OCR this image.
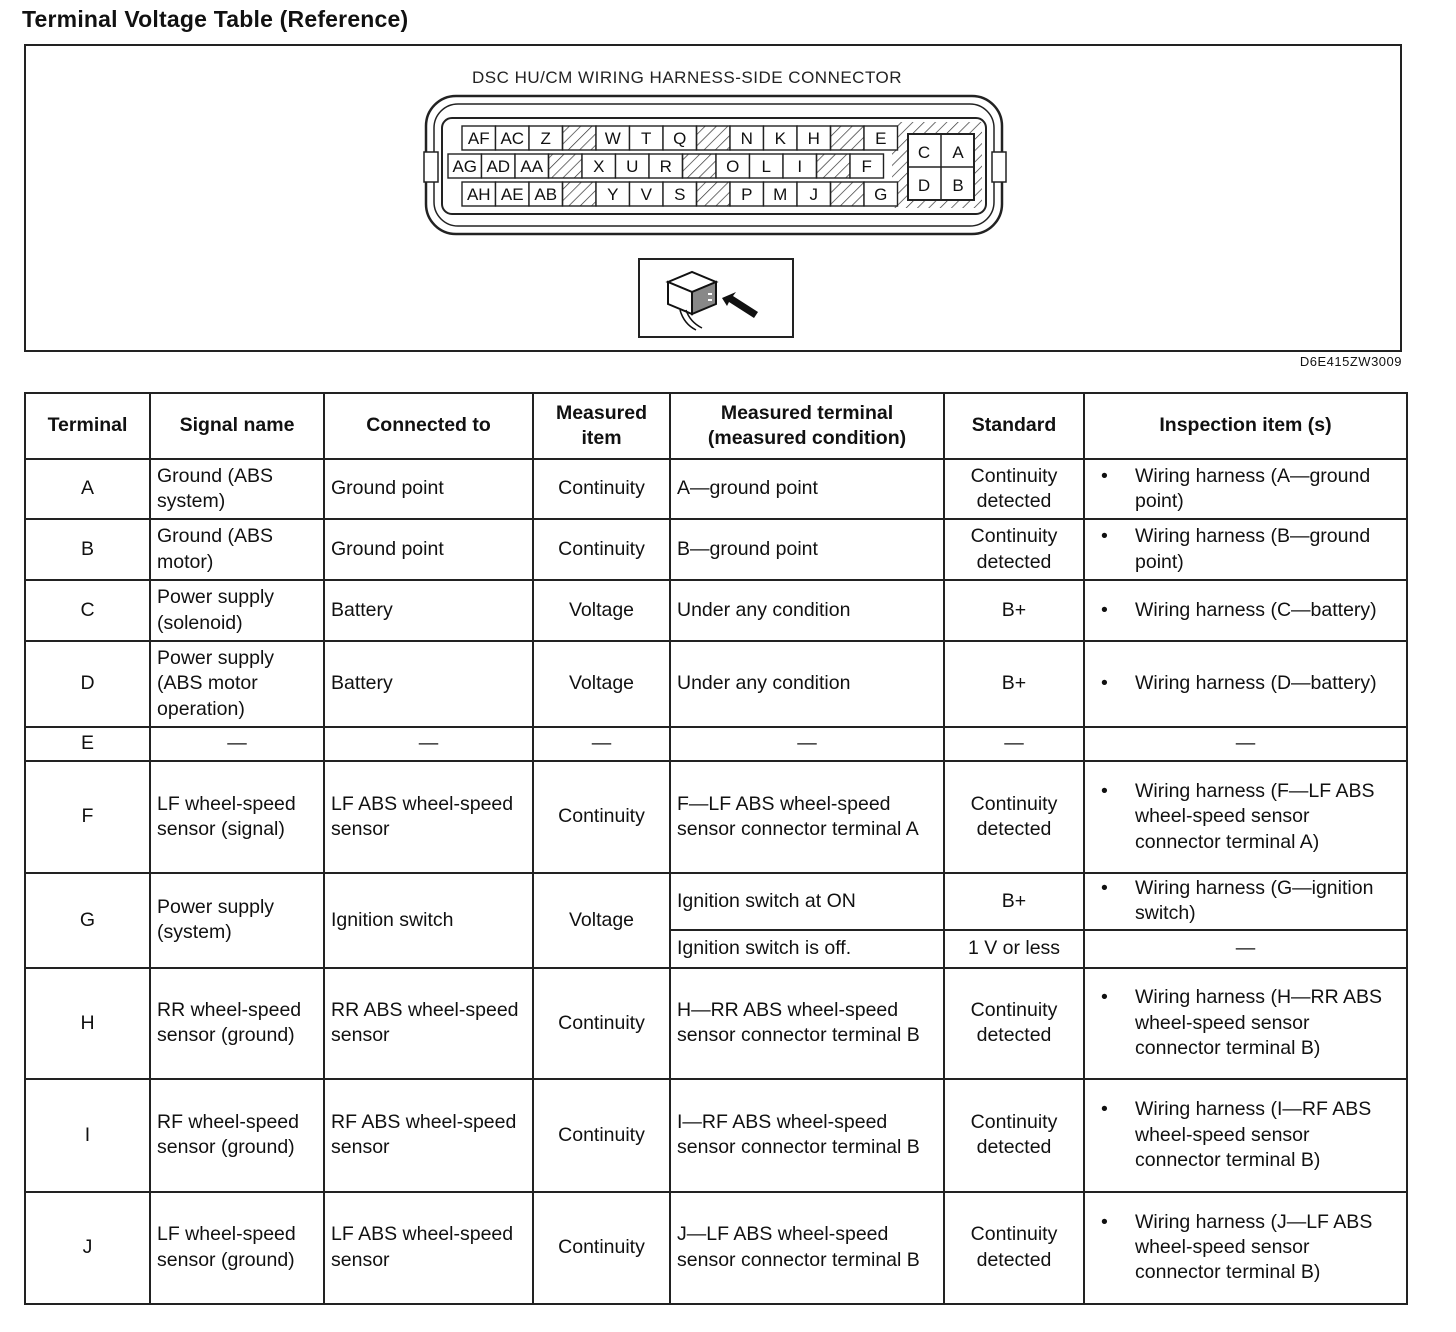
Terminal Voltage Table (Reference)
DSC HU/CM WIRING HARNESS-SIDE CONNECTOR
AF AC Z	W T Q	N K H	E
AG AD AA	X U R	O L I	F
AH AE AB	Y V S	P M J	G
C A
D B
D6E415ZW3009
Terminal	Signal name	Connected to	Measured item	Measured terminal (measured condition)	Standard	Inspection item (s)
A	Ground (ABS system)	Ground point	Continuity	A—ground point	Continuity detected	• Wiring harness (A—ground point)

B	Ground (ABS motor)	Ground point	Continuity	B—ground point	Continuity detected	• Wiring harness (B—ground point)

C	Power supply (solenoid)	Battery	Voltage	Under any condition	B+	• Wiring harness (C—battery)

D	Power supply (ABS motor operation)	Battery	Voltage	Under any condition	B+	• Wiring harness (D—battery)

E	—	—	—	—	—	—
F	LF wheel-speed sensor (signal)	LF ABS wheel-speed sensor	Continuity	F—LF ABS wheel-speed sensor connector terminal A	Continuity detected	• Wiring harness (F—LF ABS wheel-speed sensor connector terminal A)

G	Power supply (system)	Ignition switch	Voltage	Ignition switch at ON	B+	• Wiring harness (G—ignition switch)

				Ignition switch is off.	1 V or less	—
H	RR wheel-speed sensor (ground)	RR ABS wheel-speed sensor	Continuity	H—RR ABS wheel-speed sensor connector terminal B	Continuity detected	• Wiring harness (H—RR ABS wheel-speed sensor connector terminal B)

I	RF wheel-speed sensor (ground)	RF ABS wheel-speed sensor	Continuity	I—RF ABS wheel-speed sensor connector terminal B	Continuity detected	• Wiring harness (I—RF ABS wheel-speed sensor connector terminal B)

J	LF wheel-speed sensor (ground)	LF ABS wheel-speed sensor	Continuity	J—LF ABS wheel-speed sensor connector terminal B	Continuity detected	• Wiring harness (J—LF ABS wheel-speed sensor connector terminal B)
